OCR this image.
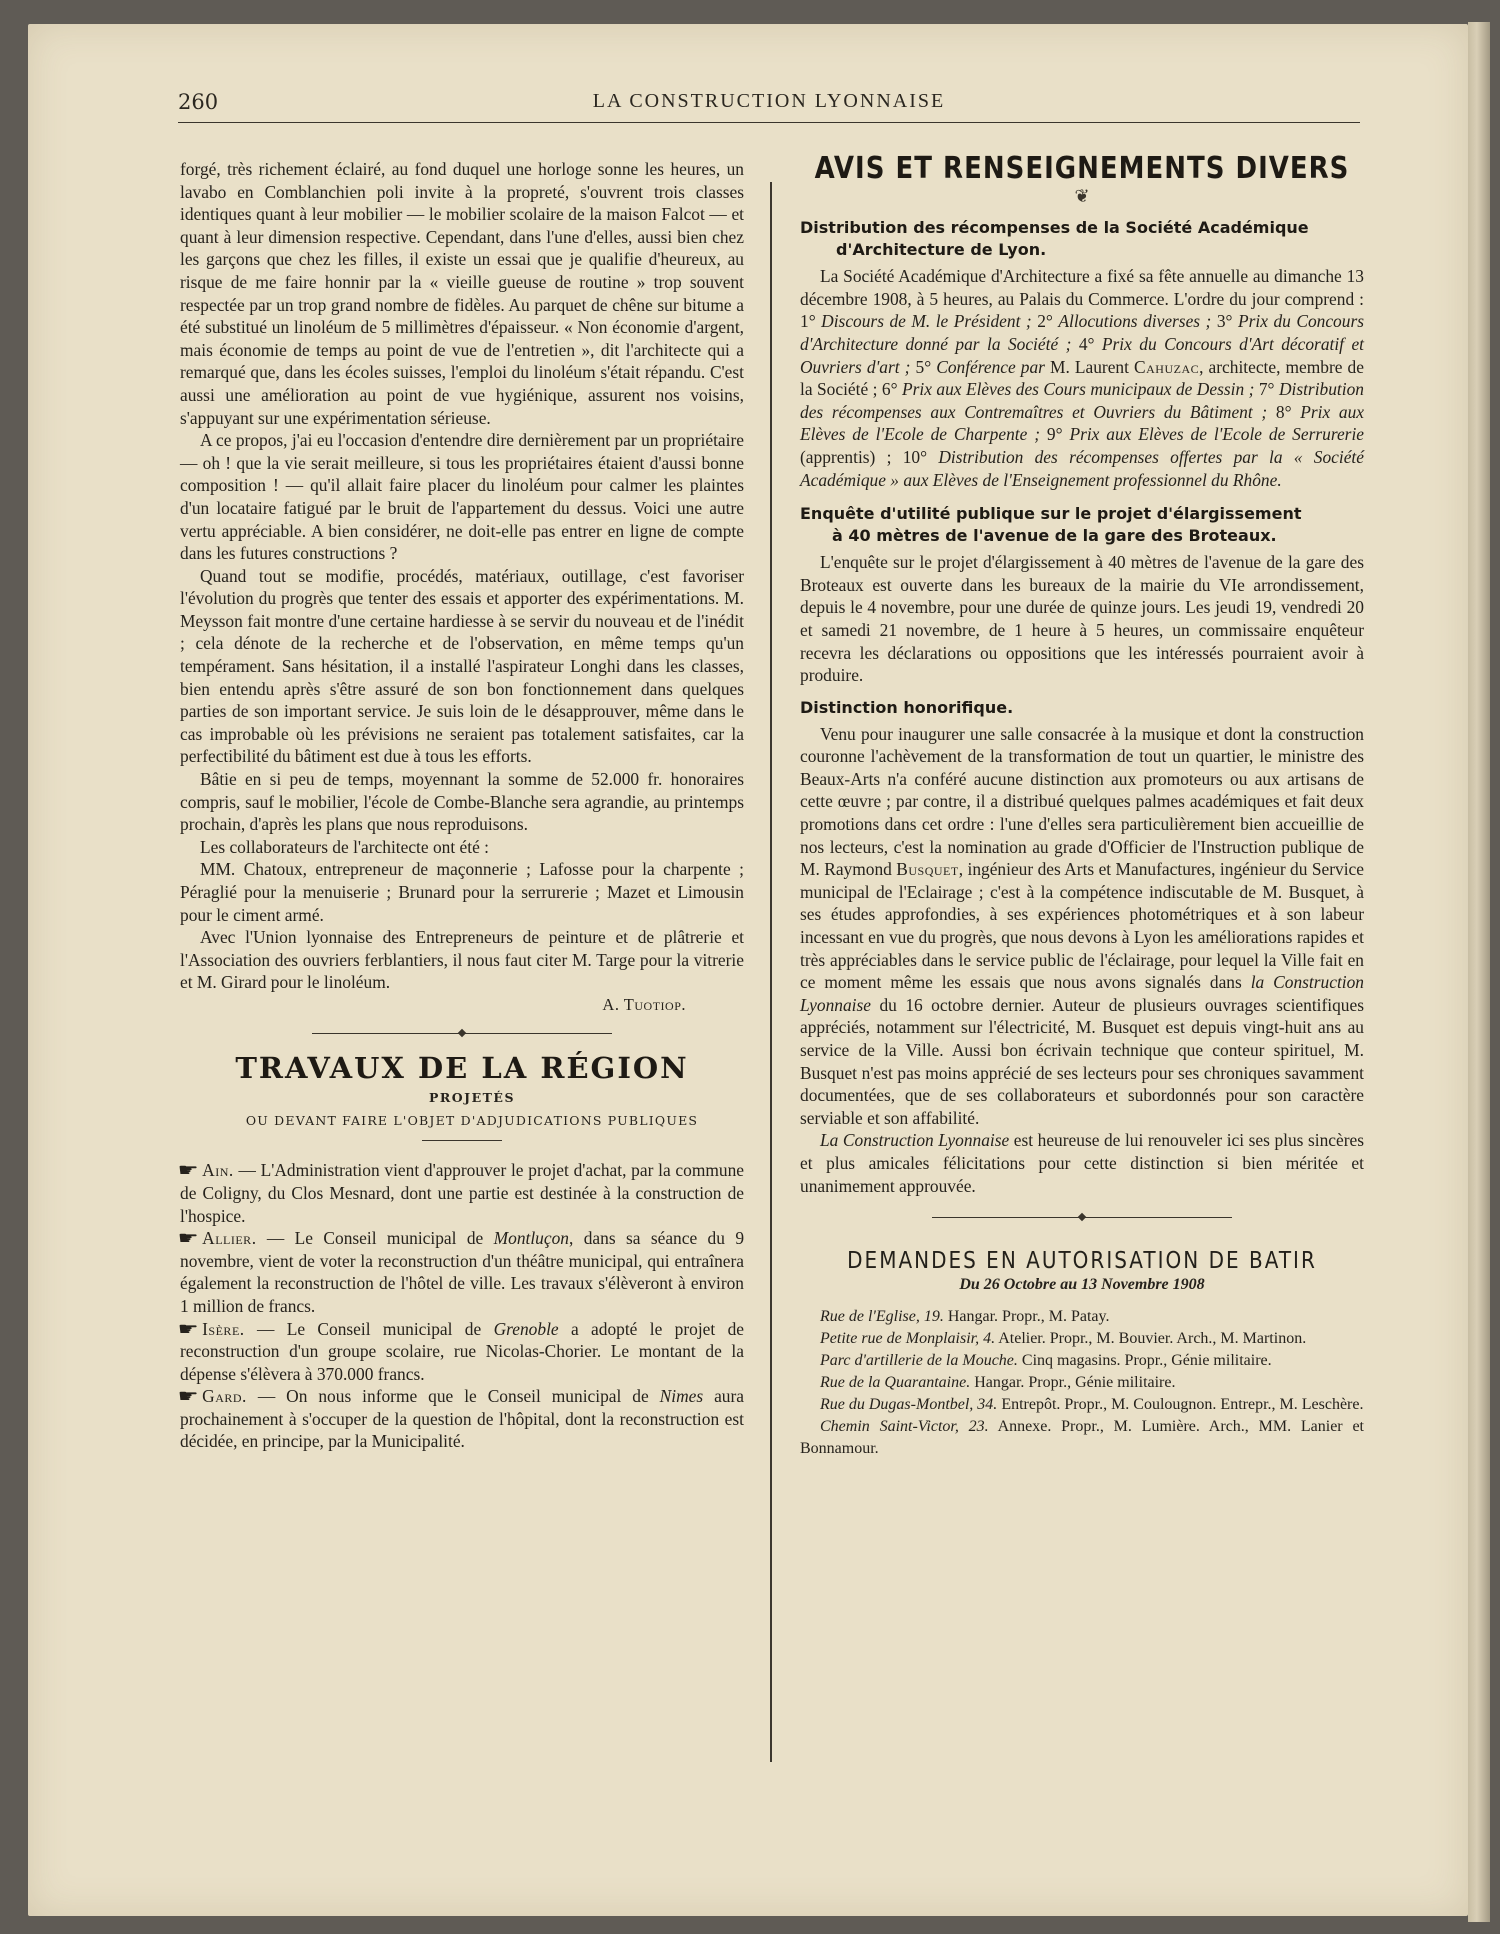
260	LA CONSTRUCTION LYONNAISE

forgé, très richement éclairé, au fond duquel une horloge sonne les heures, un lavabo en Comblanchien poli invite à la propreté, s'ouvrent trois classes identiques quant à leur mobilier — le mobilier scolaire de la maison Falcot — et quant à leur dimension respective. Cependant, dans l'une d'elles, aussi bien chez les garçons que chez les filles, il existe un essai que je qualifie d'heureux, au risque de me faire honnir par la « vieille gueuse de routine » trop souvent respectée par un trop grand nombre de fidèles. Au parquet de chêne sur bitume a été substitué un linoléum de 5 millimètres d'épaisseur. « Non économie d'argent, mais économie de temps au point de vue de l'entretien », dit l'architecte qui a remarqué que, dans les écoles suisses, l'emploi du linoléum s'était répandu. C'est aussi une amélioration au point de vue hygiénique, assurent nos voisins, s'appuyant sur une expérimentation sérieuse.

A ce propos, j'ai eu l'occasion d'entendre dire dernièrement par un propriétaire — oh ! que la vie serait meilleure, si tous les propriétaires étaient d'aussi bonne composition ! — qu'il allait faire placer du linoléum pour calmer les plaintes d'un locataire fatigué par le bruit de l'appartement du dessus. Voici une autre vertu appréciable. A bien considérer, ne doit-elle pas entrer en ligne de compte dans les futures constructions ?

Quand tout se modifie, procédés, matériaux, outillage, c'est favoriser l'évolution du progrès que tenter des essais et apporter des expérimentations. M. Meysson fait montre d'une certaine hardiesse à se servir du nouveau et de l'inédit ; cela dénote de la recherche et de l'observation, en même temps qu'un tempérament. Sans hésitation, il a installé l'aspirateur Longhi dans les classes, bien entendu après s'être assuré de son bon fonctionnement dans quelques parties de son important service. Je suis loin de le désapprouver, même dans le cas improbable où les prévisions ne seraient pas totalement satisfaites, car la perfectibilité du bâtiment est due à tous les efforts.

Bâtie en si peu de temps, moyennant la somme de 52.000 fr. honoraires compris, sauf le mobilier, l'école de Combe-Blanche sera agrandie, au printemps prochain, d'après les plans que nous reproduisons.

Les collaborateurs de l'architecte ont été :

MM. Chatoux, entrepreneur de maçonnerie ; Lafosse pour la charpente ; Péraglié pour la menuiserie ; Brunard pour la serrurerie ; Mazet et Limousin pour le ciment armé.

Avec l'Union lyonnaise des Entrepreneurs de peinture et de plâtrerie et l'Association des ouvriers ferblantiers, il nous faut citer M. Targe pour la vitrerie et M. Girard pour le linoléum.

A. Tuotiop.

TRAVAUX DE LA RÉGION

PROJETÉS

OU DEVANT FAIRE L'OBJET D'ADJUDICATIONS PUBLIQUES

☛ Ain. — L'Administration vient d'approuver le projet d'achat, par la commune de Coligny, du Clos Mesnard, dont une partie est destinée à la construction de l'hospice.

☛ Allier. — Le Conseil municipal de Montluçon, dans sa séance du 9 novembre, vient de voter la reconstruction d'un théâtre municipal, qui entraînera également la reconstruction de l'hôtel de ville. Les travaux s'élèveront à environ 1 million de francs.

☛ Isère. — Le Conseil municipal de Grenoble a adopté le projet de reconstruction d'un groupe scolaire, rue Nicolas-Chorier. Le montant de la dépense s'élèvera à 370.000 francs.

☛ Gard. — On nous informe que le Conseil municipal de Nimes aura prochainement à s'occuper de la question de l'hôpital, dont la reconstruction est décidée, en principe, par la Municipalité.

AVIS ET RENSEIGNEMENTS DIVERS
❦
Distribution des récompenses de la Société Académique
d'Architecture de Lyon.

La Société Académique d'Architecture a fixé sa fête annuelle au dimanche 13 décembre 1908, à 5 heures, au Palais du Commerce. L'ordre du jour comprend : 1° Discours de M. le Président ; 2° Allocutions diverses ; 3° Prix du Concours d'Architecture donné par la Société ; 4° Prix du Concours d'Art décoratif et Ouvriers d'art ; 5° Conférence par M. Laurent Cahuzac, architecte, membre de la Société ; 6° Prix aux Elèves des Cours municipaux de Dessin ; 7° Distribution des récompenses aux Contremaîtres et Ouvriers du Bâtiment ; 8° Prix aux Elèves de l'Ecole de Charpente ; 9° Prix aux Elèves de l'Ecole de Serrurerie (apprentis) ; 10° Distribution des récompenses offertes par la « Société Académique » aux Elèves de l'Enseignement professionnel du Rhône.

Enquête d'utilité publique sur le projet d'élargissement
à 40 mètres de l'avenue de la gare des Broteaux.

L'enquête sur le projet d'élargissement à 40 mètres de l'avenue de la gare des Broteaux est ouverte dans les bureaux de la mairie du VIe arrondissement, depuis le 4 novembre, pour une durée de quinze jours. Les jeudi 19, vendredi 20 et samedi 21 novembre, de 1 heure à 5 heures, un commissaire enquêteur recevra les déclarations ou oppositions que les intéressés pourraient avoir à produire.

Distinction honorifique.

Venu pour inaugurer une salle consacrée à la musique et dont la construction couronne l'achèvement de la transformation de tout un quartier, le ministre des Beaux-Arts n'a conféré aucune distinction aux promoteurs ou aux artisans de cette œuvre ; par contre, il a distribué quelques palmes académiques et fait deux promotions dans cet ordre : l'une d'elles sera particulièrement bien accueillie de nos lecteurs, c'est la nomination au grade d'Officier de l'Instruction publique de M. Raymond Busquet, ingénieur des Arts et Manufactures, ingénieur du Service municipal de l'Eclairage ; c'est à la compétence indiscutable de M. Busquet, à ses études approfondies, à ses expériences photométriques et à son labeur incessant en vue du progrès, que nous devons à Lyon les améliorations rapides et très appréciables dans le service public de l'éclairage, pour lequel la Ville fait en ce moment même les essais que nous avons signalés dans la Construction Lyonnaise du 16 octobre dernier. Auteur de plusieurs ouvrages scientifiques appréciés, notamment sur l'électricité, M. Busquet est depuis vingt-huit ans au service de la Ville. Aussi bon écrivain technique que conteur spirituel, M. Busquet n'est pas moins apprécié de ses lecteurs pour ses chroniques savamment documentées, que de ses collaborateurs et subordonnés pour son caractère serviable et son affabilité.

La Construction Lyonnaise est heureuse de lui renouveler ici ses plus sincères et plus amicales félicitations pour cette distinction si bien méritée et unanimement approuvée.

DEMANDES EN AUTORISATION DE BATIR
Du 26 Octobre au 13 Novembre 1908

Rue de l'Eglise, 19. Hangar. Propr., M. Patay.

Petite rue de Monplaisir, 4. Atelier. Propr., M. Bouvier. Arch., M. Martinon.

Parc d'artillerie de la Mouche. Cinq magasins. Propr., Génie militaire.

Rue de la Quarantaine. Hangar. Propr., Génie militaire.

Rue du Dugas-Montbel, 34. Entrepôt. Propr., M. Coulougnon. Entrepr., M. Leschère.

Chemin Saint-Victor, 23. Annexe. Propr., M. Lumière. Arch., MM. Lanier et Bonnamour.
